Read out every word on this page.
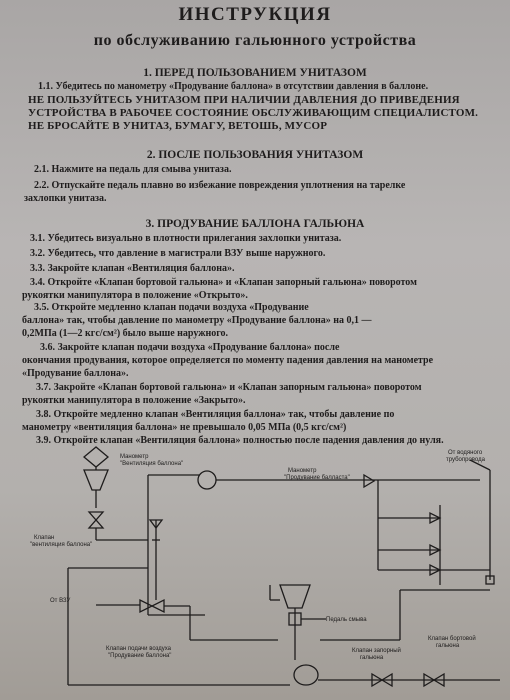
ИНСТРУКЦИЯ
по обслуживанию гальюнного устройства
1. ПЕРЕД ПОЛЬЗОВАНИЕМ УНИТАЗОМ
1.1. Убедитесь по манометру «Продувание баллона» в отсутствии давления в баллоне.
НЕ ПОЛЬЗУЙТЕСЬ УНИТАЗОМ ПРИ НАЛИЧИИ ДАВЛЕНИЯ ДО ПРИВЕДЕНИЯ
УСТРОЙСТВА В РАБОЧЕЕ СОСТОЯНИЕ ОБСЛУЖИВАЮЩИМ СПЕЦИАЛИСТОМ.
НЕ БРОСАЙТЕ В УНИТАЗ, БУМАГУ, ВЕТОШЬ, МУСОР
2. ПОСЛЕ ПОЛЬЗОВАНИЯ УНИТАЗОМ
2.1. Нажмите на педаль для смыва унитаза.
2.2. Отпускайте педаль плавно во избежание повреждения уплотнения на тарелке
захлопки унитаза.
3. ПРОДУВАНИЕ БАЛЛОНА ГАЛЬЮНА
3.1. Убедитесь визуально в плотности прилегания захлопки унитаза.
3.2. Убедитесь, что давление в магистрали ВЗУ выше наружного.
3.3. Закройте клапан «Вентиляция баллона».
3.4. Откройте «Клапан бортовой гальюна» и «Клапан запорный гальюна» поворотом
рукоятки манипулятора в положение «Открыто».
3.5. Откройте медленно клапан подачи воздуха «Продувание
баллона» так, чтобы давление по манометру «Продувание баллона» на 0,1 —
0,2МПа (1—2 кгс/см²) было выше наружного.
3.6. Закройте клапан подачи воздуха «Продувание баллона» после
окончания продувания, которое определяется по моменту падения давления на манометре
«Продувание баллона».
3.7. Закройте «Клапан бортовой гальюна» и «Клапан запорным гальюна» поворотом
рукоятки манипулятора в положение «Закрыто».
3.8. Откройте медленно клапан «Вентиляция баллона» так, чтобы давление по
манометру «вентиляция баллона» не превышало 0,05 МПа (0,5 кгс/см²)
3.9. Откройте клапан «Вентиляция баллона» полностью после падения давления до нуля.
Манометр
"Вентиляция баллона"
Манометр
"Продувание балласта"
От водяного
трубопровода
Клапан
"вентиляция баллона"
От ВЗУ
Педаль смыва
Клапан подачи воздуха
"Продувание баллона"
Клапан запорный
гальюна
Клапан бортовой
гальюна
